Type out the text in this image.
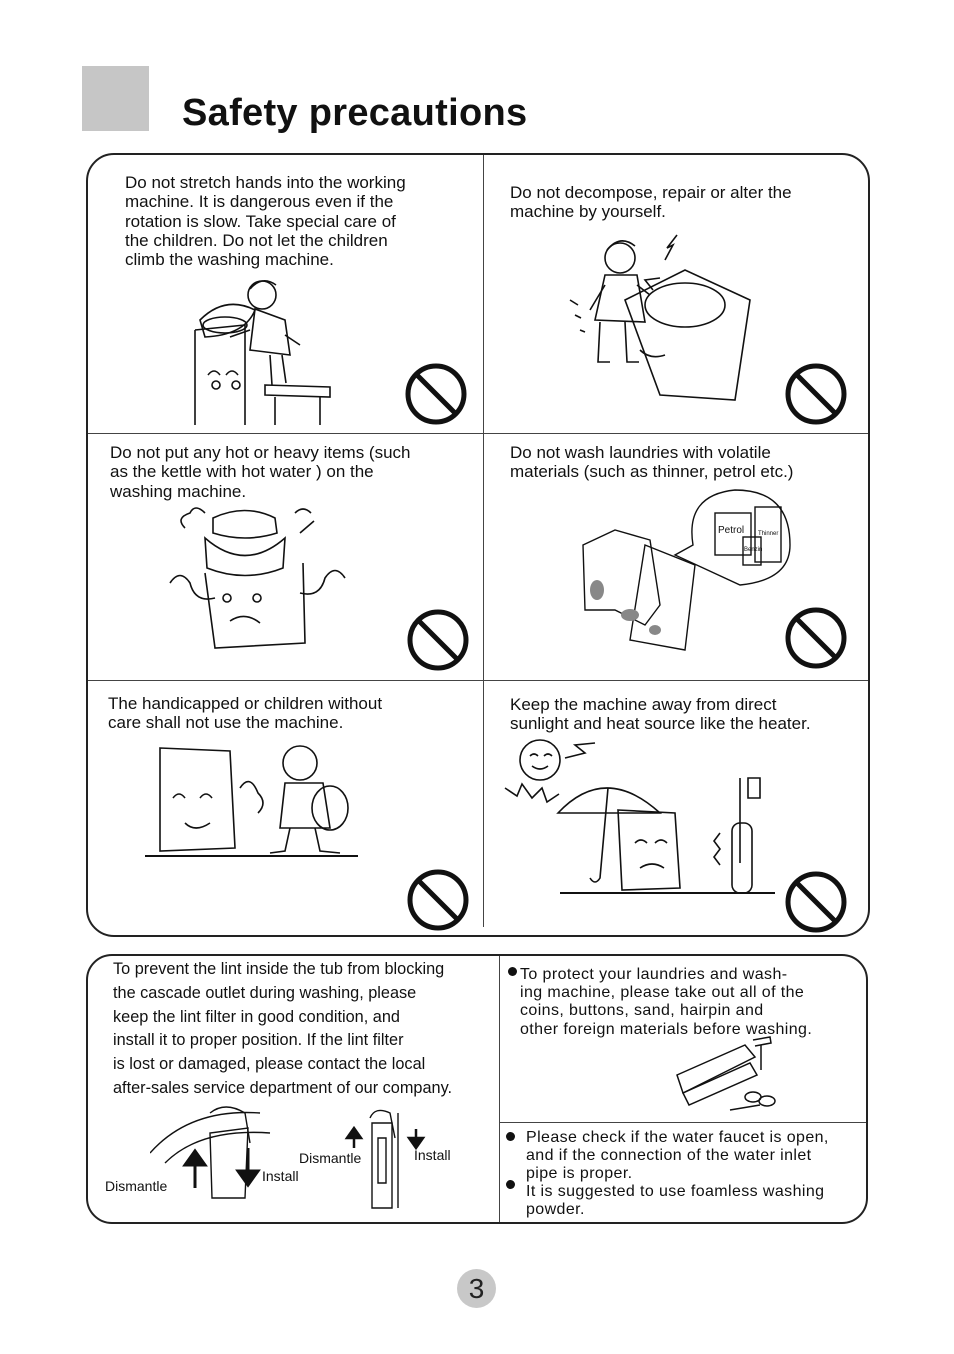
Safety precautions

Do not stretch hands into the working
machine. It is dangerous even if the
rotation is slow. Take special care of
the children. Do not let the children
climb the washing machine.

Do not decompose, repair or alter the
machine by yourself.

Do not put any hot or heavy items (such
as the kettle with hot water ) on the
washing machine.

Do not wash laundries with volatile
materials (such as thinner, petrol etc.)

Petrol Thinner
Benzin

The handicapped or children without
care shall not use the machine.

Keep the machine away from direct
sunlight and heat source like the heater.

To prevent the lint inside the tub from blocking
the cascade outlet during washing, please
keep the lint filter in good condition, and
install it to proper position. If the lint filter
is lost or damaged, please contact the local
after-sales service department of our company.

Dismantle

Install

Dismantle	Install

To protect your laundries and wash-
ing machine, please take out all of the
coins, buttons, sand, hairpin and
other foreign materials before washing.

Please check if the water faucet is open,
and if the connection of the water inlet
pipe is proper.

It is suggested to use foamless washing
powder.

3
